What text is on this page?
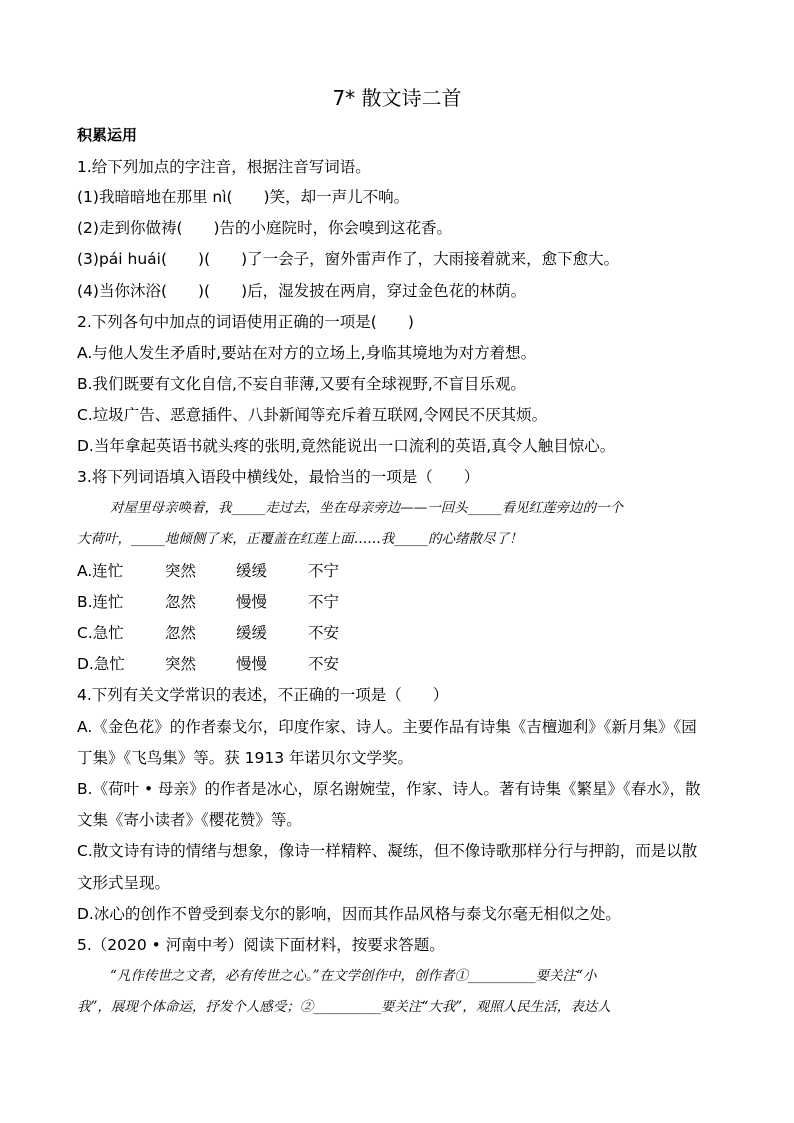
7* 散文诗二首
积累运用
1.给下列加点的字注音，根据注音写词语。
(1)我暗暗地在那里 nì(　　)笑，却一声儿不响。
(2)走到你做祷(　　)告的小庭院时，你会嗅到这花香。
(3)pái huái(　　)(　　)了一会子，窗外雷声作了，大雨接着就来，愈下愈大。
(4)当你沐浴(　　)(　　)后，湿发披在两肩，穿过金色花的林荫。
2.下列各句中加点的词语使用正确的一项是(　　)
A.与他人发生矛盾时,要站在对方的立场上,身临其境地为对方着想。
B.我们既要有文化自信,不妄自菲薄,又要有全球视野,不盲目乐观。
C.垃圾广告、恶意插件、八卦新闻等充斥着互联网,令网民不厌其烦。
D.当年拿起英语书就头疼的张明,竟然能说出一口流利的英语,真令人触目惊心。
3.将下列词语填入语段中横线处，最恰当的一项是（　　）
对屋里母亲唤着，我_____走过去，坐在母亲旁边——一回头_____看见红莲旁边的一个
大荷叶，_____地倾侧了来，正覆盖在红莲上面……我_____的心绪散尽了！
A.连忙	突然	缓缓	不宁
B.连忙	忽然	慢慢	不宁
C.急忙	忽然	缓缓	不安
D.急忙	突然	慢慢	不安
4.下列有关文学常识的表述，不正确的一项是（　　）
A.《金色花》的作者泰戈尔，印度作家、诗人。主要作品有诗集《吉檀迦利》《新月集》《园
丁集》《飞鸟集》等。获 1913 年诺贝尔文学奖。
B.《荷叶 • 母亲》的作者是冰心，原名谢婉莹，作家、诗人。著有诗集《繁星》《春水》，散
文集《寄小读者》《樱花赞》等。
C.散文诗有诗的情绪与想象，像诗一样精粹、凝练，但不像诗歌那样分行与押韵，而是以散
文形式呈现。
D.冰心的创作不曾受到泰戈尔的影响，因而其作品风格与泰戈尔毫无相似之处。
5.（2020 • 河南中考）阅读下面材料，按要求答题。
“凡作传世之文者，必有传世之心。”在文学创作中，创作者①__________要关注“小
我”，展现个体命运，抒发个人感受；②__________要关注“大我”，观照人民生活，表达人
